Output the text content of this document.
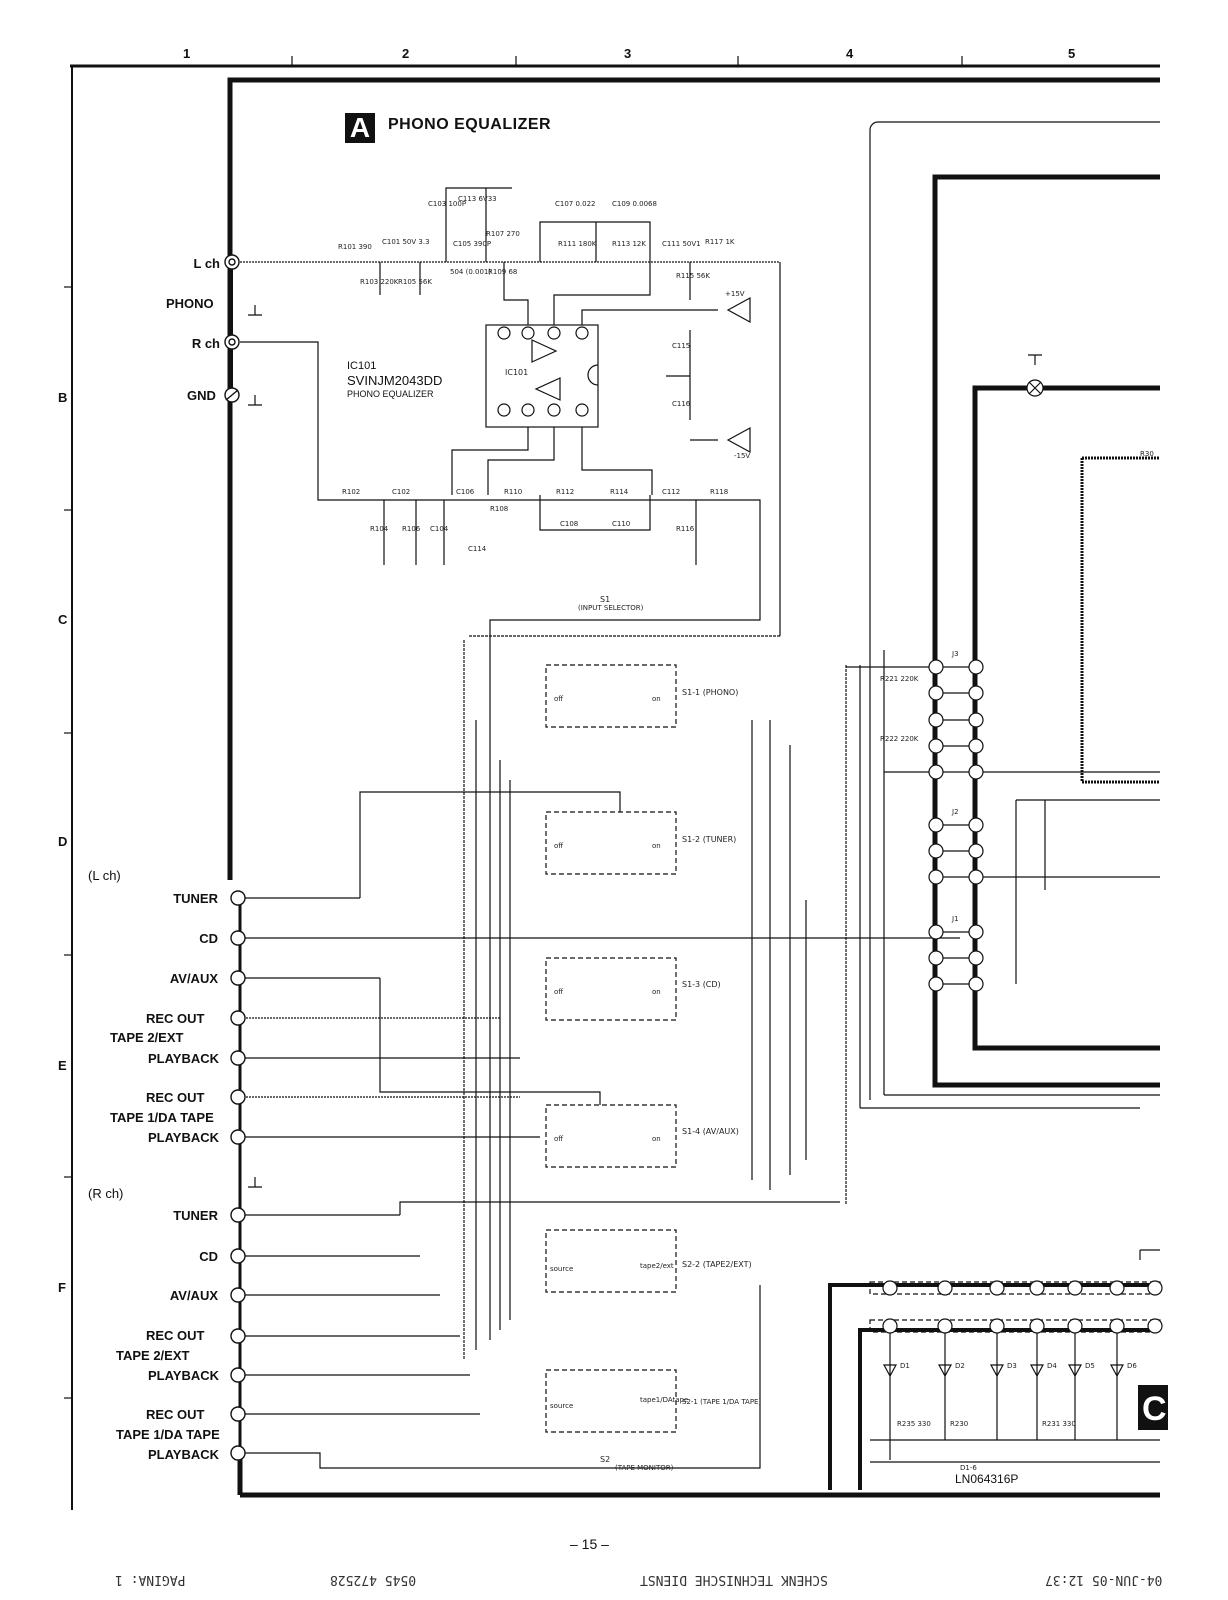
1	2	3	4	5
B
C
D
E
F
A	PHONO EQUALIZER
C
L ch
PHONO
R ch
GND
IC101
SVINJM2043DD
PHONO EQUALIZER
IC101
R101 390
C101 50V 3.3
R103 220K R105 56K
C103 100P
C113 6V33
R107 270
C105 390P
504 (0.001)
R109 68
C107 0.022
R111 180K
C109 0.0068
R113 12K C111 50V1 R117 1K
R115 56K
+15V
-15V
R102	C102	C106	R110	R112	R114	C112	R118
R108
C108	C110
R104 R106 C104
C114
R116
C115
C116
R221 220K
R222 220K
R30
S1
(INPUT SELECTOR)
S1-1 (PHONO)
S1-2 (TUNER)
S1-3 (CD)
S1-4 (AV/AUX)
S2-2 (TAPE2/EXT)
S2-1 (TAPE 1/DA TAPE)
S2
(TAPE MONITOR)
off	on
off	on
off	on
off	on
source	tape2/ext
source
tape1/DAtape
J3
J2
J1
(L ch)
TUNER
CD
AV/AUX
REC OUT
TAPE 2/EXT
PLAYBACK
REC OUT
TAPE 1/DA TAPE
PLAYBACK
(R ch)
TUNER
CD
AV/AUX
REC OUT
TAPE 2/EXT
PLAYBACK
REC OUT
TAPE 1/DA TAPE
PLAYBACK
LN064316P
D1-6
D1	D2	D3	D4	D5	D6
R235 330	R230	R231 330
– 15 –
04-JUN-05 12:37
SCHENK TECHNISCHE DIENST
0545 472528
PAGINA: 1
